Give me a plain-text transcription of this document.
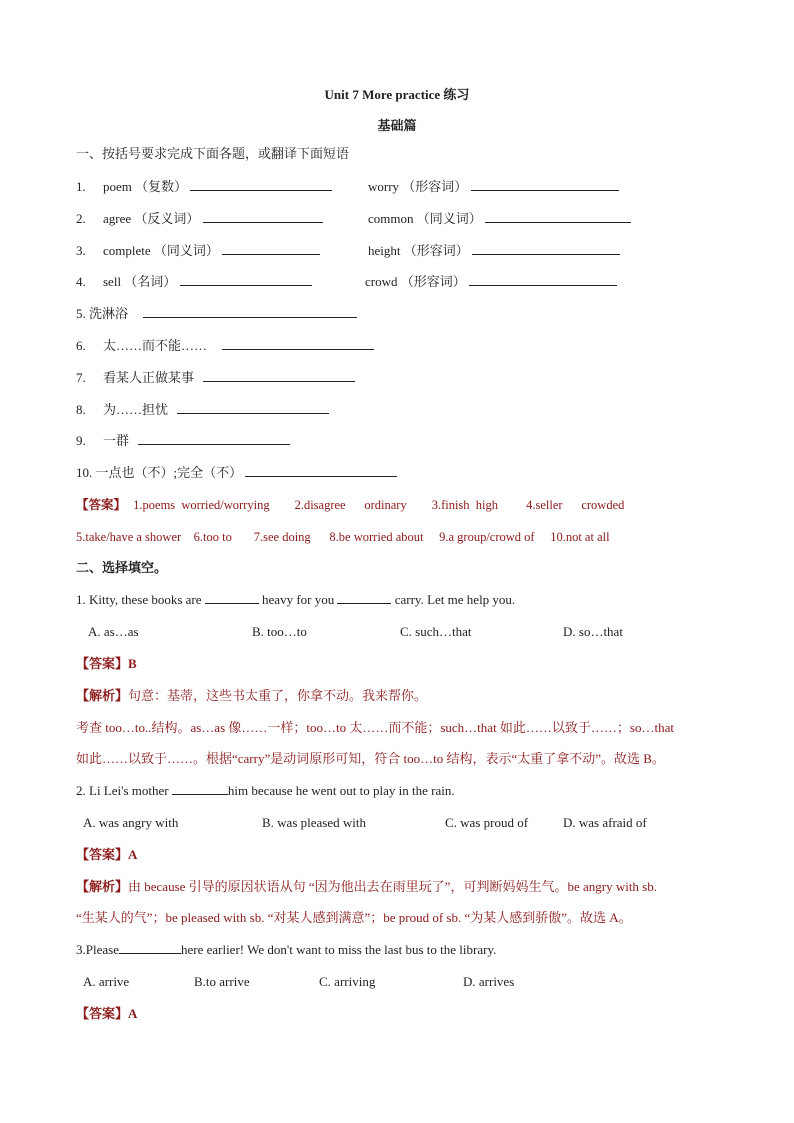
Unit 7 More practice 练习
基础篇
一、按括号要求完成下面各题，或翻译下面短语
1. poem （复数）	worry （形容词）
2. agree （反义词）	common （同义词）
3. complete （同义词）	height （形容词）
4. sell （名词）	crowd （形容词）
5. 洗淋浴
6. 太……而不能……
7. 看某人正做某事
8. 为……担忧
9. 一群
10. 一点也（不）;完全（不）
【答案】 1.poems  worried/worrying        2.disagree      ordinary        3.finish  high         4.seller      crowded
5.take/have a shower    6.too to       7.see doing      8.be worried about     9.a group/crowd of     10.not at all
二、选择填空。
1. Kitty, these books are	heavy for you	carry. Let me help you.
A. as…as	B. too…to	C. such…that	D. so…that
【答案】B
【解析】句意：基蒂，这些书太重了，你拿不动。我来帮你。
考查 too…to..结构。as…as 像……一样；too…to 太……而不能；such…that 如此……以致于……；so…that
如此……以致于……。根据“carry”是动词原形可知，符合 too…to 结构，表示“太重了拿不动”。故选 B。
2. Li Lei's mother	him because he went out to play in the rain.
A. was angry with	B. was pleased with	C. was proud of	D. was afraid of
【答案】A
【解析】由 because 引导的原因状语从句 “因为他出去在雨里玩了”，可判断妈妈生气。be angry with sb.
“生某人的气”；be pleased with sb. “对某人感到满意”；be proud of sb. “为某人感到骄傲”。故选 A。
3.Please	here earlier! We don't want to miss the last bus to the library.
A. arrive	B.to arrive	C. arriving	D. arrives
【答案】A
